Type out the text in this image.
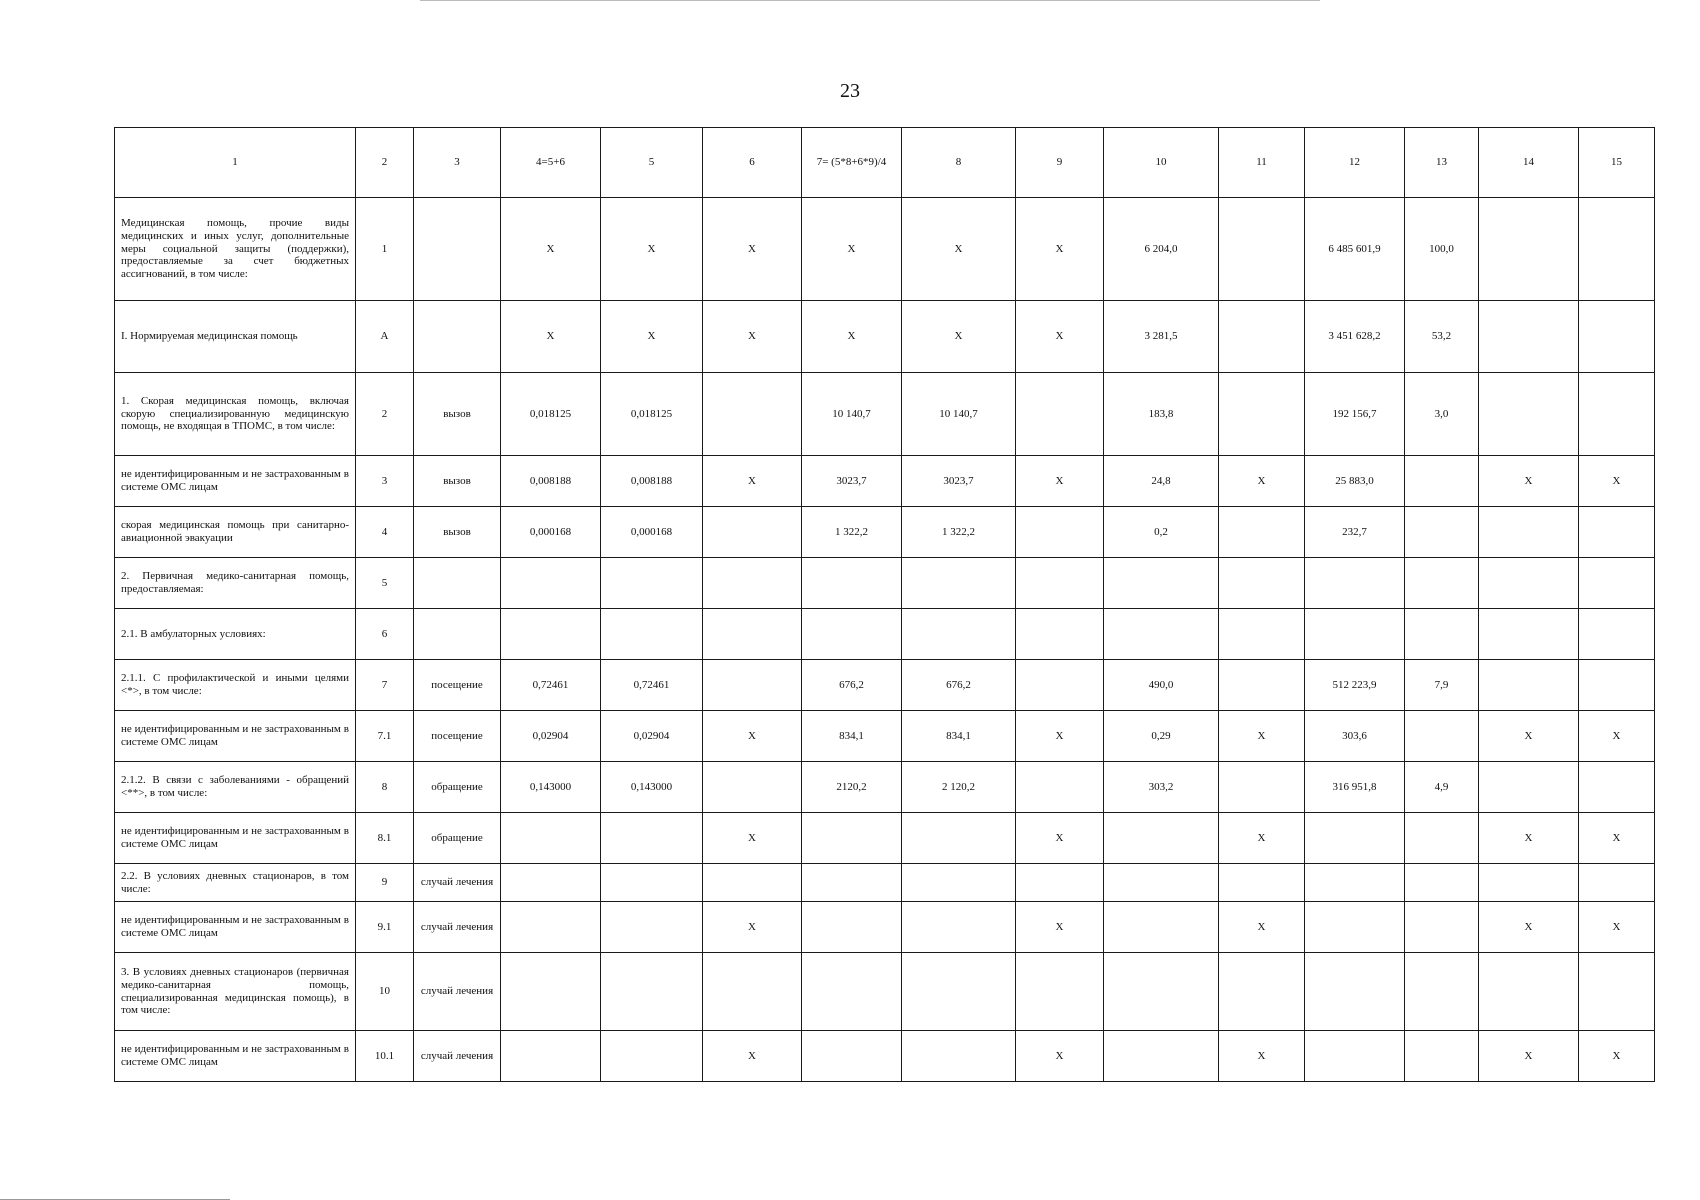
23
1	2	3	4=5+6	5	6	7= (5*8+6*9)/4	8	9	10	11	12	13	14	15
Медицинская помощь, прочие виды медицинских и иных услуг, дополнительные меры социальной защиты (поддержки), предоставляемые за счет бюджетных ассигнований, в том числе:	1		X	X	X	X	X	X	6 204,0		6 485 601,9	100,0		
I. Нормируемая медицинская помощь	А		X	X	X	X	X	X	3 281,5		3 451 628,2	53,2		
1. Скорая медицинская помощь, включая скорую специализированную медицинскую помощь, не входящая в ТПОМС, в том числе:	2	вызов	0,018125	0,018125		10 140,7	10 140,7		183,8		192 156,7	3,0		
не идентифицированным и не застрахованным в системе ОМС лицам	3	вызов	0,008188	0,008188	X	3023,7	3023,7	X	24,8	X	25 883,0		X	X
скорая медицинская помощь при санитарно-авиационной эвакуации	4	вызов	0,000168	0,000168		1 322,2	1 322,2		0,2		232,7			
2. Первичная медико-санитарная помощь, предоставляемая:	5													
2.1. В амбулаторных условиях:	6													
2.1.1. С профилактической и иными целями <*>, в том числе:	7	посещение	0,72461	0,72461		676,2	676,2		490,0		512 223,9	7,9		
не идентифицированным и не застрахованным в системе ОМС лицам	7.1	посещение	0,02904	0,02904	X	834,1	834,1	X	0,29	X	303,6		X	X
2.1.2. В связи с заболеваниями - обращений <**>, в том числе:	8	обращение	0,143000	0,143000		2120,2	2 120,2		303,2		316 951,8	4,9		
не идентифицированным и не застрахованным в системе ОМС лицам	8.1	обращение			X			X		X			X	X
2.2. В условиях дневных стационаров, в том числе:	9	случай лечения												
не идентифицированным и не застрахованным в системе ОМС лицам	9.1	случай лечения			X			X		X			X	X
3. В условиях дневных стационаров (первичная медико-санитарная помощь, специализированная медицинская помощь), в том числе:	10	случай лечения												
не идентифицированным и не застрахованным в системе ОМС лицам	10.1	случай лечения			X			X		X			X	X
